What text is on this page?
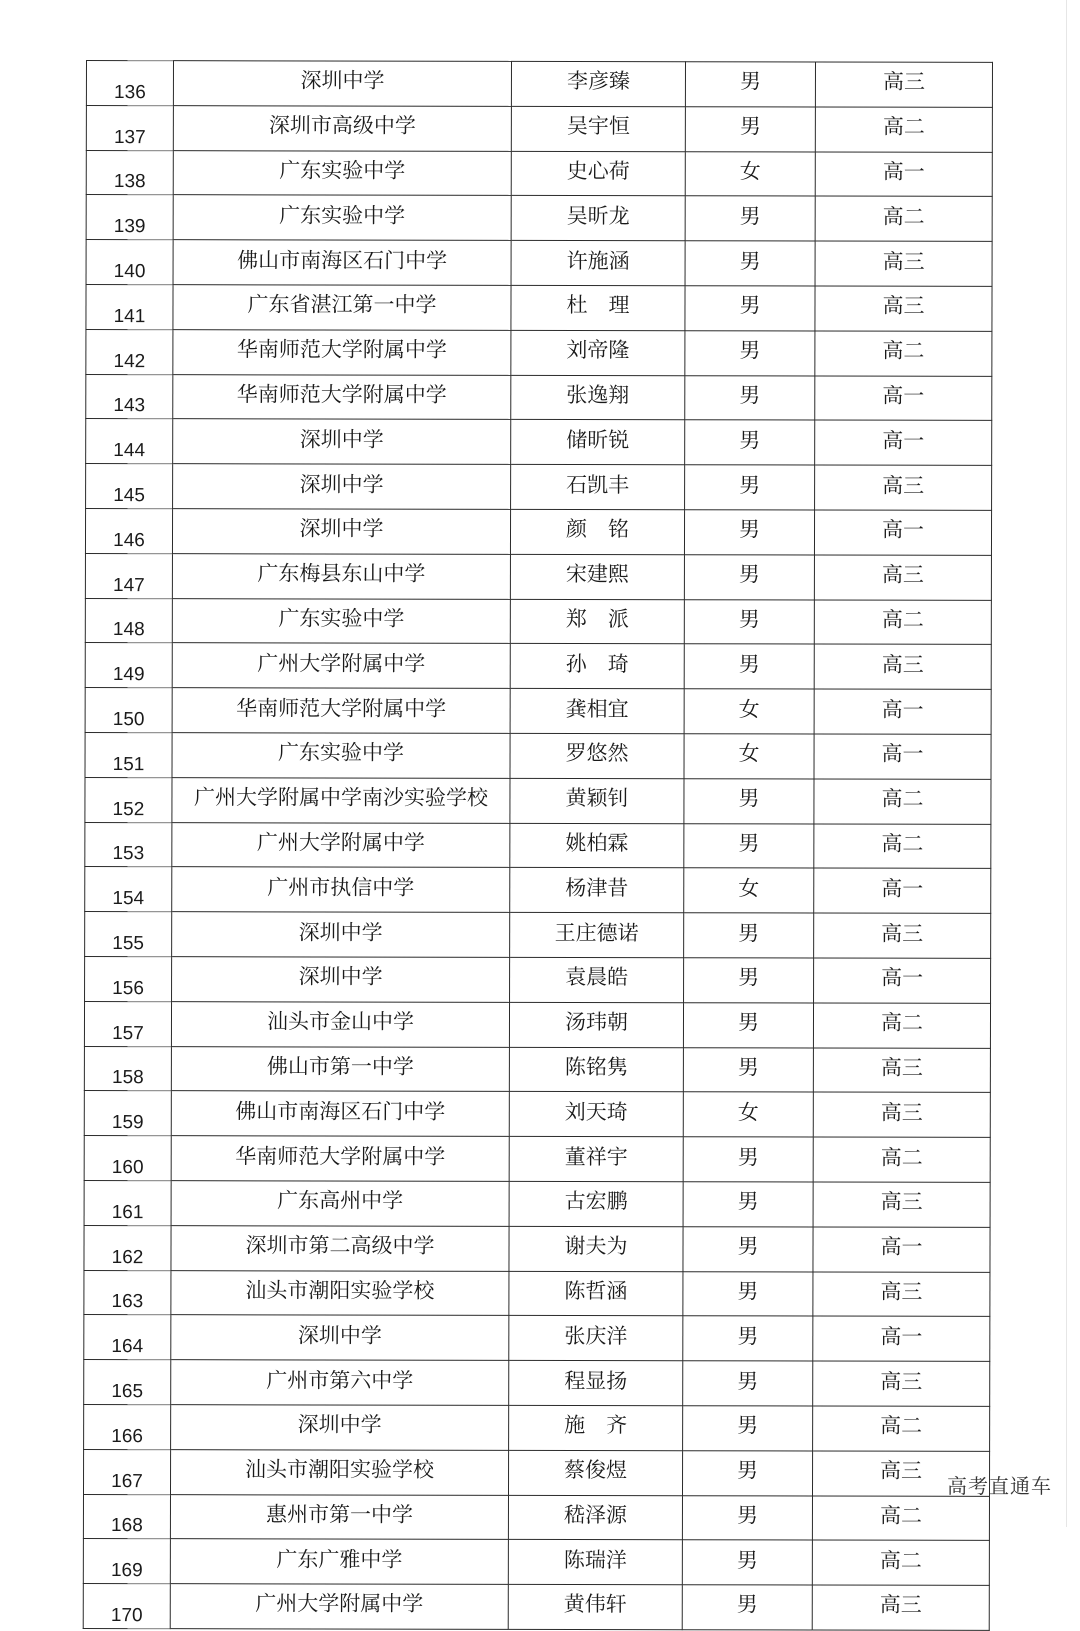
136	深圳中学	李彦臻	男	高三
137	深圳市高级中学	吴宇恒	男	高二
138	广东实验中学	史心荷	女	高一
139	广东实验中学	吴昕龙	男	高二
140	佛山市南海区石门中学	许施涵	男	高三
141	广东省湛江第一中学	杜　理	男	高三
142	华南师范大学附属中学	刘帝隆	男	高二
143	华南师范大学附属中学	张逸翔	男	高一
144	深圳中学	储昕锐	男	高一
145	深圳中学	石凯丰	男	高三
146	深圳中学	颜　铭	男	高一
147	广东梅县东山中学	宋建熙	男	高三
148	广东实验中学	郑　派	男	高二
149	广州大学附属中学	孙　琦	男	高三
150	华南师范大学附属中学	龚相宜	女	高一
151	广东实验中学	罗悠然	女	高一
152	广州大学附属中学南沙实验学校	黄颖钊	男	高二
153	广州大学附属中学	姚柏霖	男	高二
154	广州市执信中学	杨津昔	女	高一
155	深圳中学	王庄德诺	男	高三
156	深圳中学	袁晨皓	男	高一
157	汕头市金山中学	汤玮朝	男	高二
158	佛山市第一中学	陈铭隽	男	高三
159	佛山市南海区石门中学	刘天琦	女	高三
160	华南师范大学附属中学	董祥宇	男	高二
161	广东高州中学	古宏鹏	男	高三
162	深圳市第二高级中学	谢夫为	男	高一
163	汕头市潮阳实验学校	陈哲涵	男	高三
164	深圳中学	张庆洋	男	高一
165	广州市第六中学	程显扬	男	高三
166	深圳中学	施　齐	男	高二
167	汕头市潮阳实验学校	蔡俊煜	男	高三
168	惠州市第一中学	嵇泽源	男	高二
169	广东广雅中学	陈瑞洋	男	高二
170	广州大学附属中学	黄伟轩	男	高三
高考直通车
